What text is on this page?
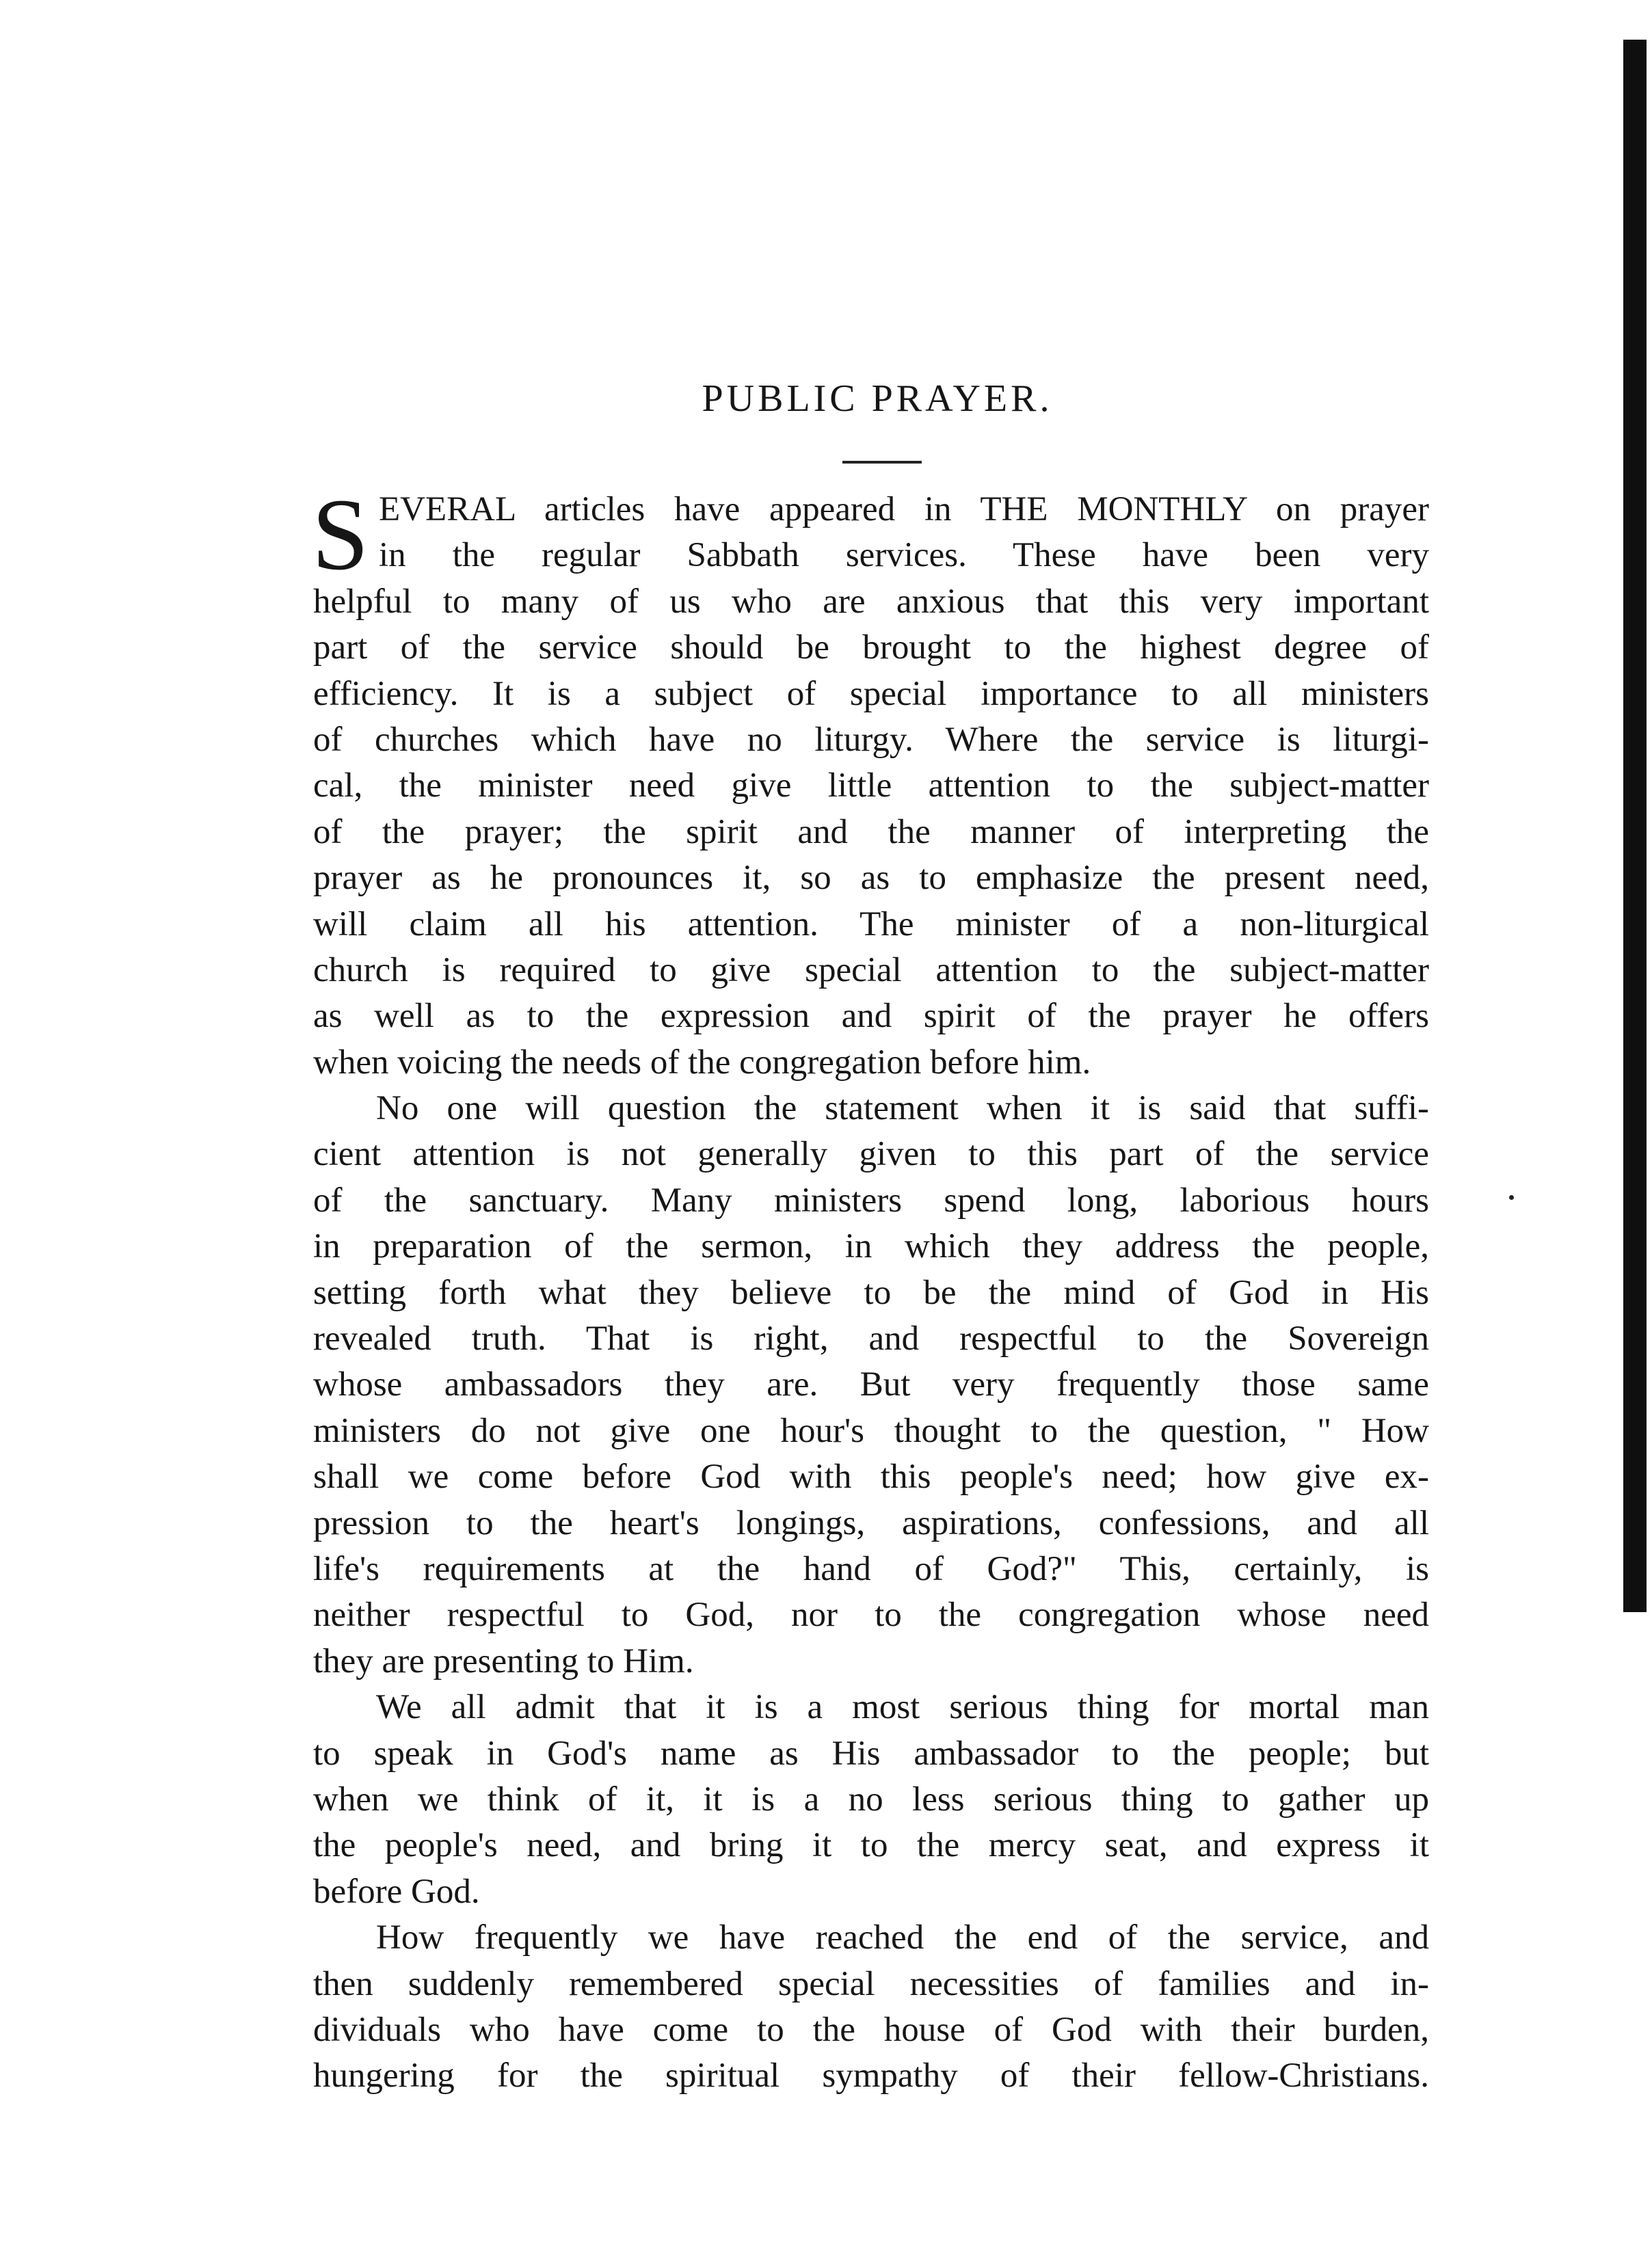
PUBLIC PRAYER.
S EVERAL articles have appeared in THE MONTHLY on prayer
in the regular Sabbath services. These have been very
helpful to many of us who are anxious that this very important
part of the service should be brought to the highest degree of
efficiency. It is a subject of special importance to all ministers
of churches which have no liturgy. Where the service is liturgi-
cal, the minister need give little attention to the subject-matter
of the prayer; the spirit and the manner of interpreting the
prayer as he pronounces it, so as to emphasize the present need,
will claim all his attention. The minister of a non-liturgical
church is required to give special attention to the subject-matter
as well as to the expression and spirit of the prayer he offers
when voicing the needs of the congregation before him.
No one will question the statement when it is said that suffi-
cient attention is not generally given to this part of the service
of the sanctuary. Many ministers spend long, laborious hours
in preparation of the sermon, in which they address the people,
setting forth what they believe to be the mind of God in His
revealed truth. That is right, and respectful to the Sovereign
whose ambassadors they are. But very frequently those same
ministers do not give one hour's thought to the question, " How
shall we come before God with this people's need; how give ex-
pression to the heart's longings, aspirations, confessions, and all
life's requirements at the hand of God?" This, certainly, is
neither respectful to God, nor to the congregation whose need
they are presenting to Him.
We all admit that it is a most serious thing for mortal man
to speak in God's name as His ambassador to the people; but
when we think of it, it is a no less serious thing to gather up
the people's need, and bring it to the mercy seat, and express it
before God.
How frequently we have reached the end of the service, and
then suddenly remembered special necessities of families and in-
dividuals who have come to the house of God with their burden,
hungering for the spiritual sympathy of their fellow-Christians.
